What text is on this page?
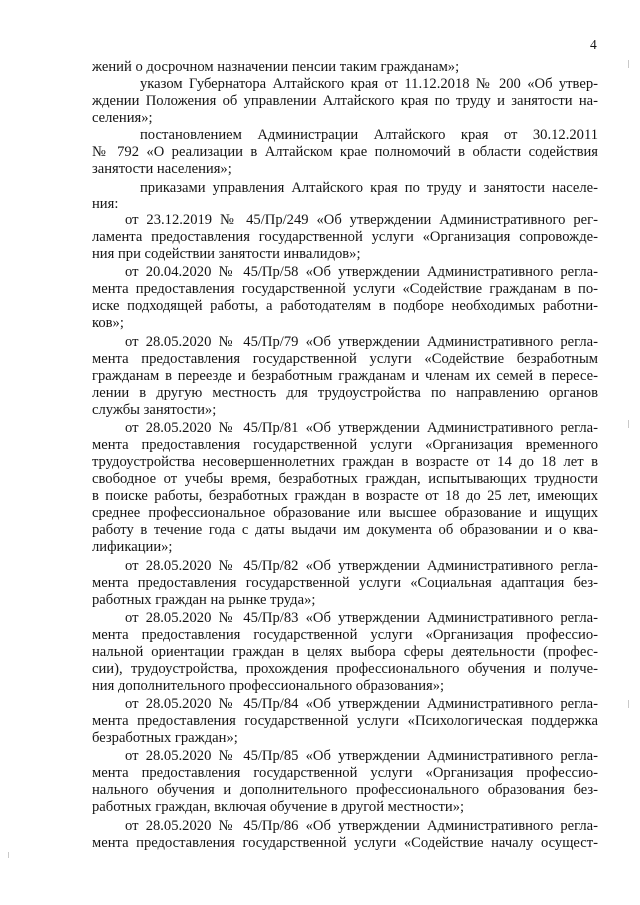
4
жений о досрочном назначении пенсии таким гражданам»;
указом Губернатора Алтайского края от 11.12.2018 № 200 «Об утвер-
ждении Положения об управлении Алтайского края по труду и занятости на-
селения»;
постановлением Администрации Алтайского края от 30.12.2011
№ 792 «О реализации в Алтайском крае полномочий в области содействия
занятости населения»;
приказами управления Алтайского края по труду и занятости населе-
ния:
от 23.12.2019 № 45/Пр/249 «Об утверждении Административного рег-
ламента предоставления государственной услуги «Организация сопровожде-
ния при содействии занятости инвалидов»;
от 20.04.2020 № 45/Пр/58 «Об утверждении Административного регла-
мента предоставления государственной услуги «Содействие гражданам в по-
иске подходящей работы, а работодателям в подборе необходимых работни-
ков»;
от 28.05.2020 № 45/Пр/79 «Об утверждении Административного регла-
мента предоставления государственной услуги «Содействие безработным
гражданам в переезде и безработным гражданам и членам их семей в пересе-
лении в другую местность для трудоустройства по направлению органов
службы занятости»;
от 28.05.2020 № 45/Пр/81 «Об утверждении Административного регла-
мента предоставления государственной услуги «Организация временного
трудоустройства несовершеннолетних граждан в возрасте от 14 до 18 лет в
свободное от учебы время, безработных граждан, испытывающих трудности
в поиске работы, безработных граждан в возрасте от 18 до 25 лет, имеющих
среднее профессиональное образование или высшее образование и ищущих
работу в течение года с даты выдачи им документа об образовании и о ква-
лификации»;
от 28.05.2020 № 45/Пр/82 «Об утверждении Административного регла-
мента предоставления государственной услуги «Социальная адаптация без-
работных граждан на рынке труда»;
от 28.05.2020 № 45/Пр/83 «Об утверждении Административного регла-
мента предоставления государственной услуги «Организация профессио-
нальной ориентации граждан в целях выбора сферы деятельности (профес-
сии), трудоустройства, прохождения профессионального обучения и получе-
ния дополнительного профессионального образования»;
от 28.05.2020 № 45/Пр/84 «Об утверждении Административного регла-
мента предоставления государственной услуги «Психологическая поддержка
безработных граждан»;
от 28.05.2020 № 45/Пр/85 «Об утверждении Административного регла-
мента предоставления государственной услуги «Организация профессио-
нального обучения и дополнительного профессионального образования без-
работных граждан, включая обучение в другой местности»;
от 28.05.2020 № 45/Пр/86 «Об утверждении Административного регла-
мента предоставления государственной услуги «Содействие началу осущест-
